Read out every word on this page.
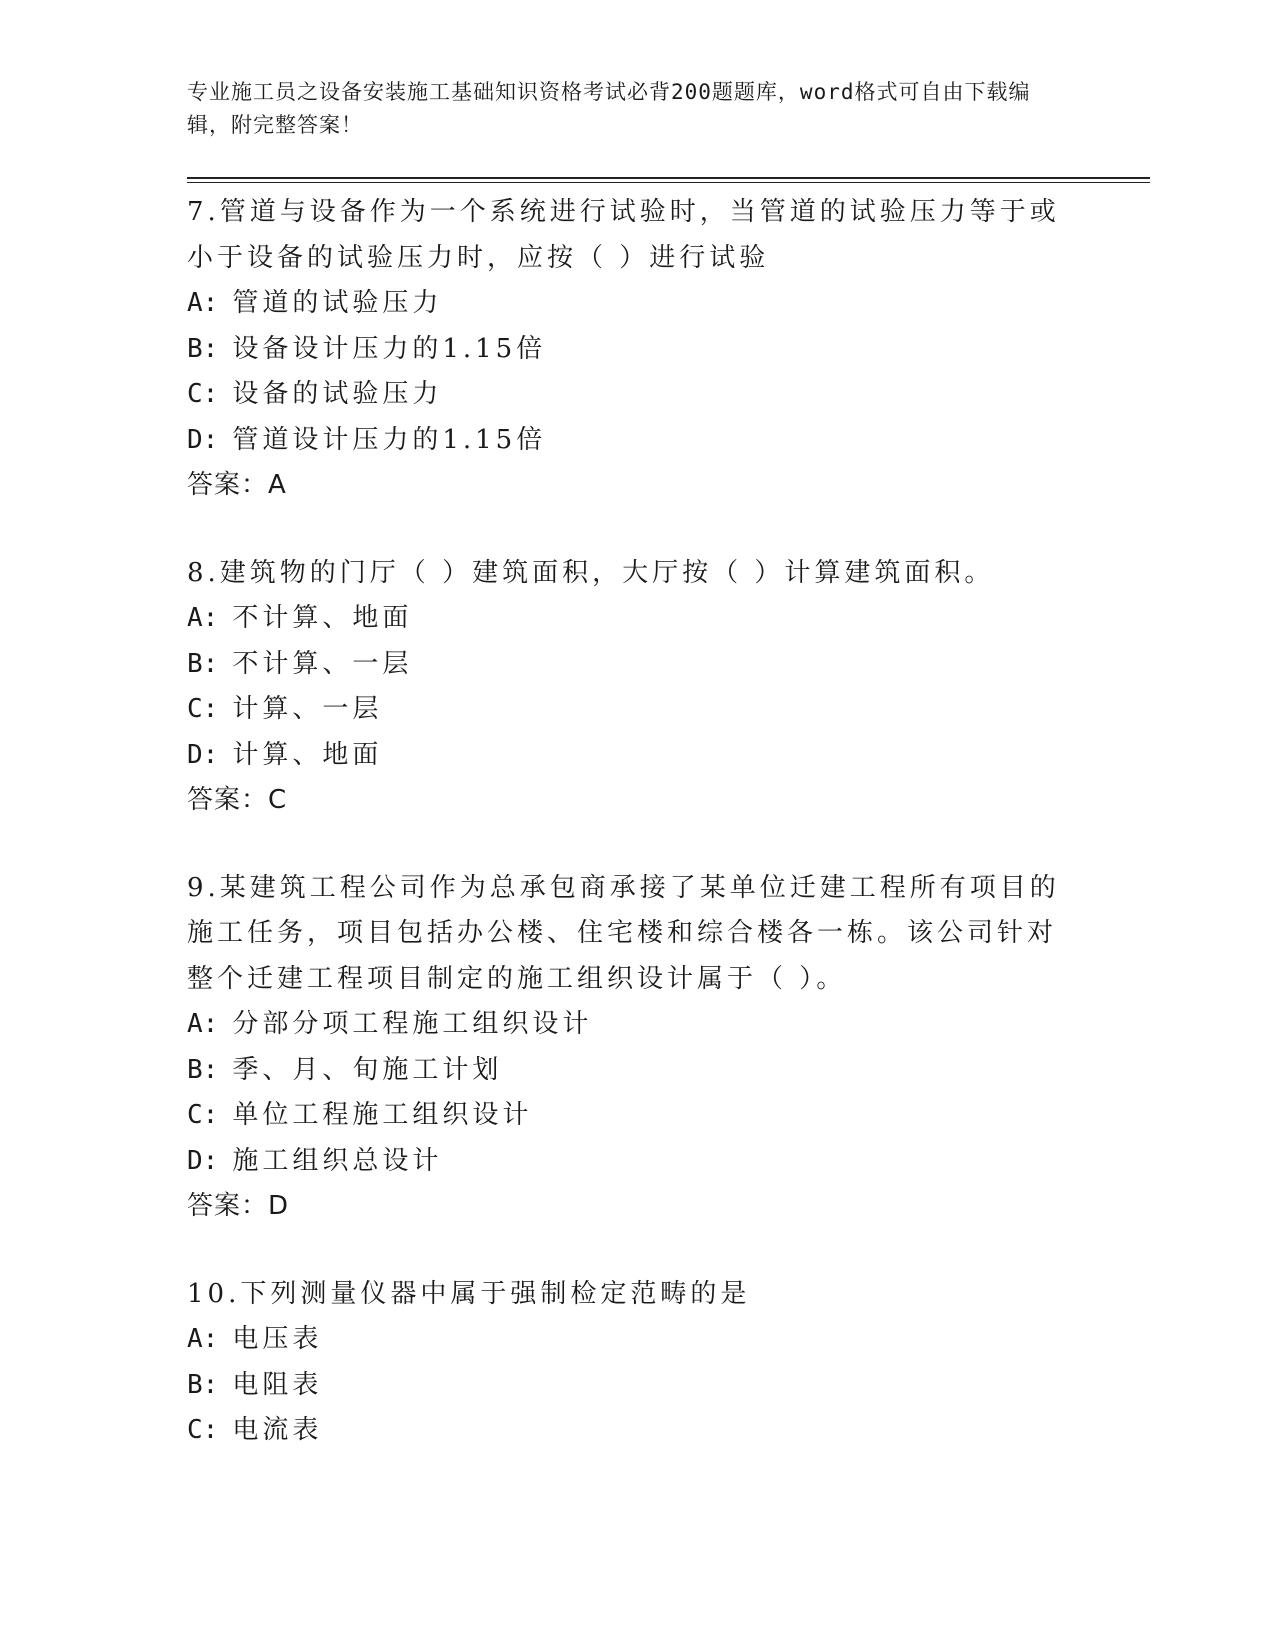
专业施工员之设备安装施工基础知识资格考试必背200题题库，word格式可自由下载编辑，附完整答案！
7.管道与设备作为一个系统进行试验时，当管道的试验压力等于或小于设备的试验压力时，应按（ ）进行试验
A: 管道的试验压力
B: 设备设计压力的1.15倍
C: 设备的试验压力
D: 管道设计压力的1.15倍
答案：A
8.建筑物的门厅（ ）建筑面积，大厅按（ ）计算建筑面积。
A: 不计算、地面
B: 不计算、一层
C: 计算、一层
D: 计算、地面
答案：C
9.某建筑工程公司作为总承包商承接了某单位迁建工程所有项目的施工任务，项目包括办公楼、住宅楼和综合楼各一栋。该公司针对整个迁建工程项目制定的施工组织设计属于（ ）。
A: 分部分项工程施工组织设计
B: 季、月、旬施工计划
C: 单位工程施工组织设计
D: 施工组织总设计
答案：D
10.下列测量仪器中属于强制检定范畴的是
A: 电压表
B: 电阻表
C: 电流表
